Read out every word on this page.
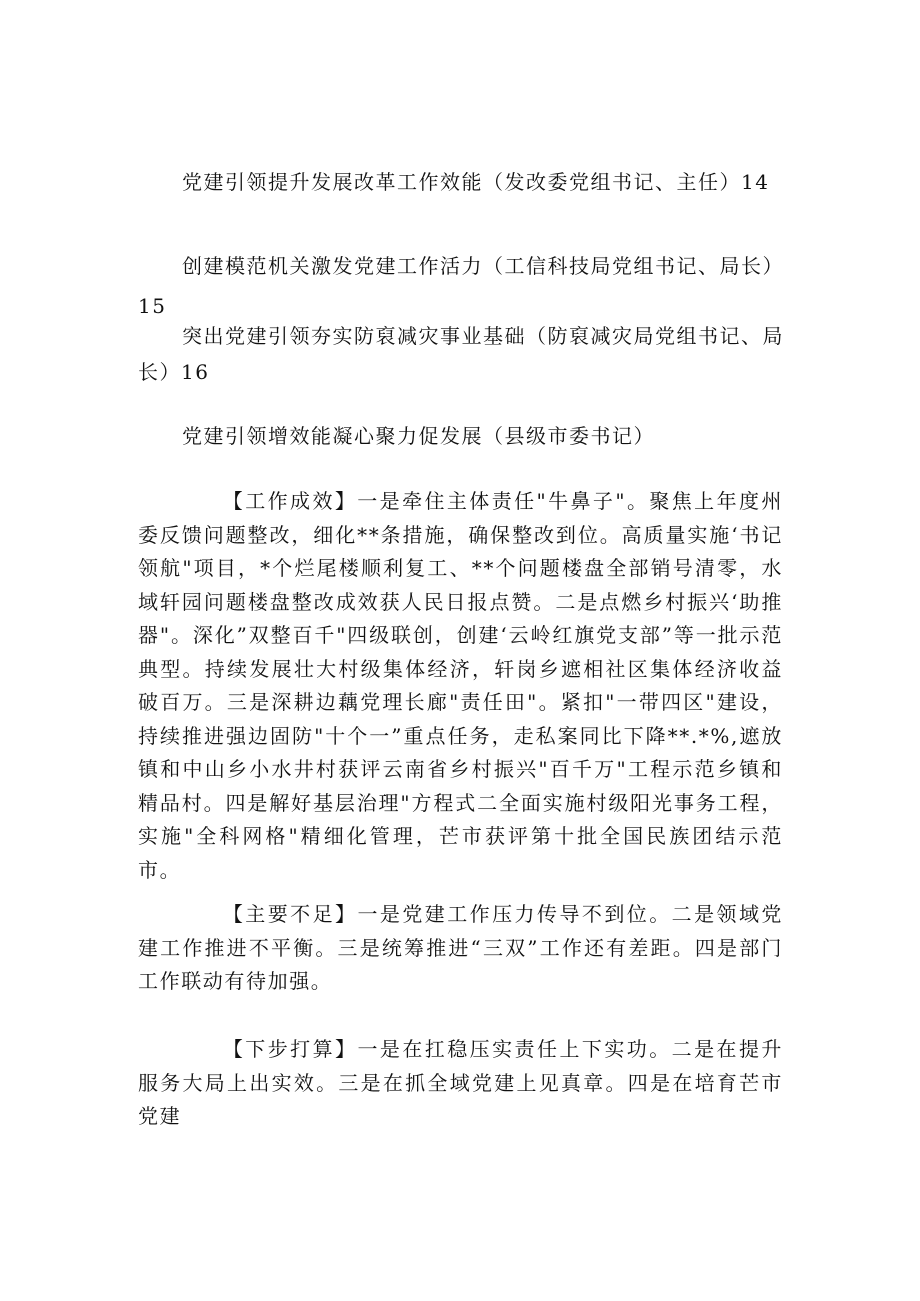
党建引领提升发展改革工作效能（发改委党组书记、主任）14
创建模范机关激发党建工作活力（工信科技局党组书记、局长）15
突出党建引领夯实防裒减灾事业基础（防裒减灾局党组书记、局长）16
党建引领增效能凝心聚力促发展（县级市委书记）
【工作成效】一是牵住主体责任"牛鼻子"。聚焦上年度州委反馈问题整改，细化**条措施，确保整改到位。高质量实施‘书记领航"项目，*个烂尾楼顺利复工、**个问题楼盘全部销号清零，水域轩园问题楼盘整改成效获人民日报点赞。二是点燃乡村振兴‘助推器"。深化”双整百千"四级联创，创建‘云岭红旗党支部”等一批示范典型。持续发展壮大村级集体经济，轩岗乡遮相社区集体经济收益破百万。三是深耕边藕党理长廊"责任田"。紧扣"一带四区"建设，持续推进强边固防"十个一”重点任务，走私案同比下降**.*%,遮放镇和中山乡小水井村获评云南省乡村振兴"百千万"工程示范乡镇和精品村。四是解好基层治理"方程式二全面实施村级阳光事务工程，实施"全科网格"精细化管理，芒市获评第十批全国民族团结示范市。
【主要不足】一是党建工作压力传导不到位。二是领域党建工作推进不平衡。三是统筹推进“三双”工作还有差距。四是部门工作联动有待加强。
【下步打算】一是在扛稳压实责任上下实功。二是在提升服务大局上出实效。三是在抓全域党建上见真章。四是在培育芒市党建
